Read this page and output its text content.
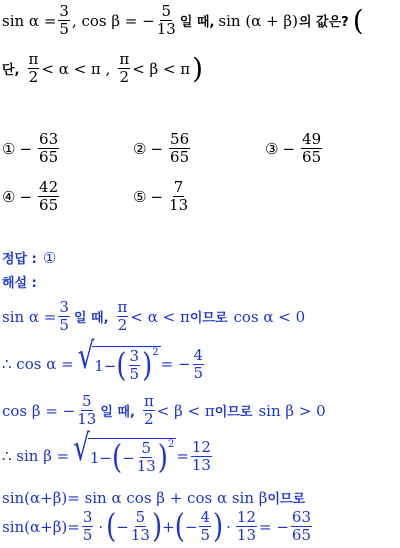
$\sin \alpha = \frac{3}{5}$ , cos β = − $\frac{5}{13}$ 일 때, sin (α + β) 의 값은? (
단, $\frac{\pi}{2} < \alpha < \pi$ , $\frac{\pi}{2} < \beta < \pi$ )
① − $\frac{63}{65}$	② − $\frac{56}{65}$	③ − $\frac{49}{65}$
④ − $\frac{42}{65}$	⑤ − $\frac{7}{13}$
정답 : ①
해설 :
$\sin \alpha = \frac{3}{5}$ 일 때, $\frac{\pi}{2} < \alpha < \pi$ 이므로 cos α < 0
∴ cos α = √ 1− ( $\frac{3}{5}$ ) 2
= − $\frac{4}{5}$
cos β = − $\frac{5}{13}$ 일 때, $\frac{\pi}{2} < \beta < \pi$ 이므로 sin β > 0
∴ sin β = √ 1− ( − $\frac{5}{13}$ ) 2
= $\frac{12}{13}$
sin(α+β)= sin α cos β + cos α sin β 이므로
$\sin(\alpha+\beta)= \frac{3}{5}$ · ( − $\frac{5}{13}$ ) + ( − $\frac{4}{5}$ ) · $\frac{12}{13}$ = − $\frac{63}{65}$
